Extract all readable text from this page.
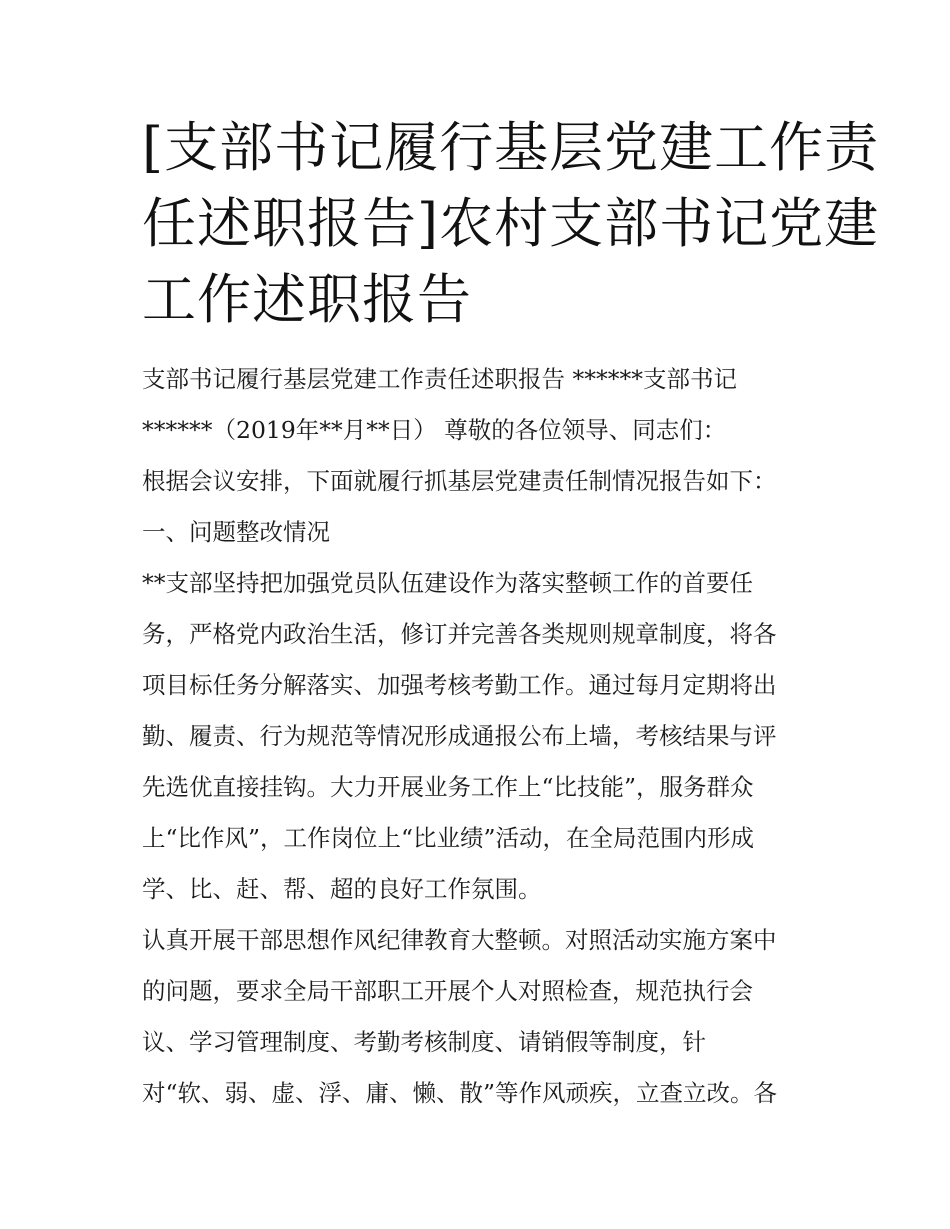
[支部书记履行基层党建工作责
任述职报告]农村支部书记党建
工作述职报告
支部书记履行基层党建工作责任述职报告 ******支部书记
******（2019年**月**日） 尊敬的各位领导、同志们：
根据会议安排，下面就履行抓基层党建责任制情况报告如下：
一、问题整改情况
**支部坚持把加强党员队伍建设作为落实整顿工作的首要任
务，严格党内政治生活，修订并完善各类规则规章制度，将各
项目标任务分解落实、加强考核考勤工作。通过每月定期将出
勤、履责、行为规范等情况形成通报公布上墙，考核结果与评
先选优直接挂钩。大力开展业务工作上“比技能”，服务群众
上“比作风”，工作岗位上“比业绩”活动，在全局范围内形成
学、比、赶、帮、超的良好工作氛围。
认真开展干部思想作风纪律教育大整顿。对照活动实施方案中
的问题，要求全局干部职工开展个人对照检查，规范执行会
议、学习管理制度、考勤考核制度、请销假等制度，针
对“软、弱、虚、浮、庸、懒、散”等作风顽疾，立查立改。各
